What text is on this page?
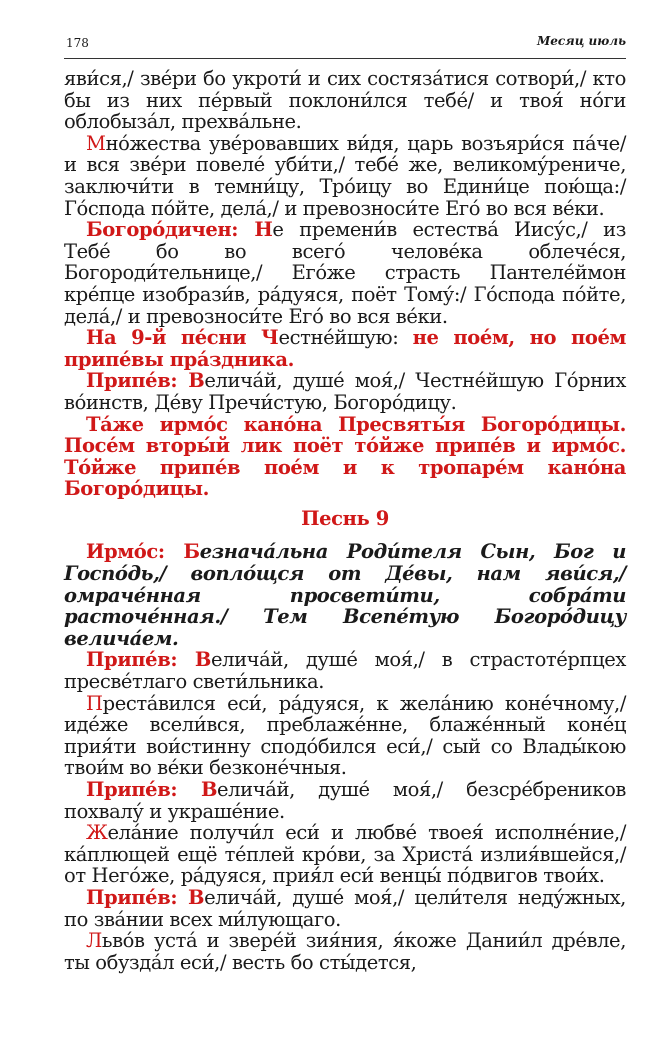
178	Месяц июль

яви́ся,/ зве́ри бо укроти́ и сих состяза́тися сотвори́,/ кто бы из них пе́рвый поклони́лся тебе́/ и твоя́ но́ги облобыза́л, прехва́льне.

Мно́жества уве́ровавших ви́дя, царь возъяри́ся па́че/ и вся зве́ри повеле́ уби́ти,/ тебе́ же, великому́рениче, заключи́ти в темни́цу, Тро́ицу во Едини́це пою́ща:/ Го́спода по́йте, дела́,/ и превозноси́те Его́ во вся ве́ки.

Богоро́дичен: Не премени́в естества́ Иису́с,/ из Тебе́ бо во всего́ челове́ка облече́ся, Богороди́тельнице,/ Его́же страсть Пантеле́ймон кре́пце изобрази́в, ра́дуяся, поёт Тому́:/ Го́спода по́йте, дела́,/ и превозноси́те Его́ во вся ве́ки.

На 9-й пе́сни Честне́йшую: не пое́м, но пое́м припе́вы пра́здника.

Припе́в: Велича́й, душе́ моя́,/ Честне́йшую Го́рних во́инств, Де́ву Пречи́стую, Богоро́дицу.

Та́же ирмо́с кано́на Пресвяты́я Богоро́дицы. Посе́м вторы́й лик поёт то́йже припе́в и ирмо́с. То́йже припе́в пое́м и к тропаре́м кано́на Богоро́дицы.

Песнь 9

Ирмо́с: Безнача́льна Роди́теля Сын, Бог и Госпо́дь,/ вопло́щся от Де́вы, нам яви́ся,/ омраче́нная просвети́ти, собра́ти расточе́нная./ Тем Всепе́тую Богоро́дицу велича́ем.

Припе́в: Велича́й, душе́ моя́,/ в страстоте́рпцех пресве́тлаго свети́льника.

Преста́вился еси́, ра́дуяся, к жела́нию коне́чному,/ иде́же всели́вся, преблаже́нне, блаже́нный коне́ц прия́ти вои́стинну сподо́бился еси́,/ сый со Влады́кою твои́м во ве́ки безконе́чныя.

Припе́в: Велича́й, душе́ моя́,/ безсре́бреников похвалу́ и украше́ние.

Жела́ние получи́л еси́ и любве́ твоея́ исполне́ние,/ ка́плющей ещё те́плей кро́ви, за Христа́ излия́вшейся,/ от Него́же, ра́дуяся, прия́л еси́ венцы́ по́двигов твои́х.

Припе́в: Велича́й, душе́ моя́,/ цели́теля неду́жных, по зва́нии всех ми́лующаго.

Льво́в уста́ и звере́й зия́ния, я́коже Дании́л дре́вле, ты обузда́л еси́,/ весть бо сты́дется,
